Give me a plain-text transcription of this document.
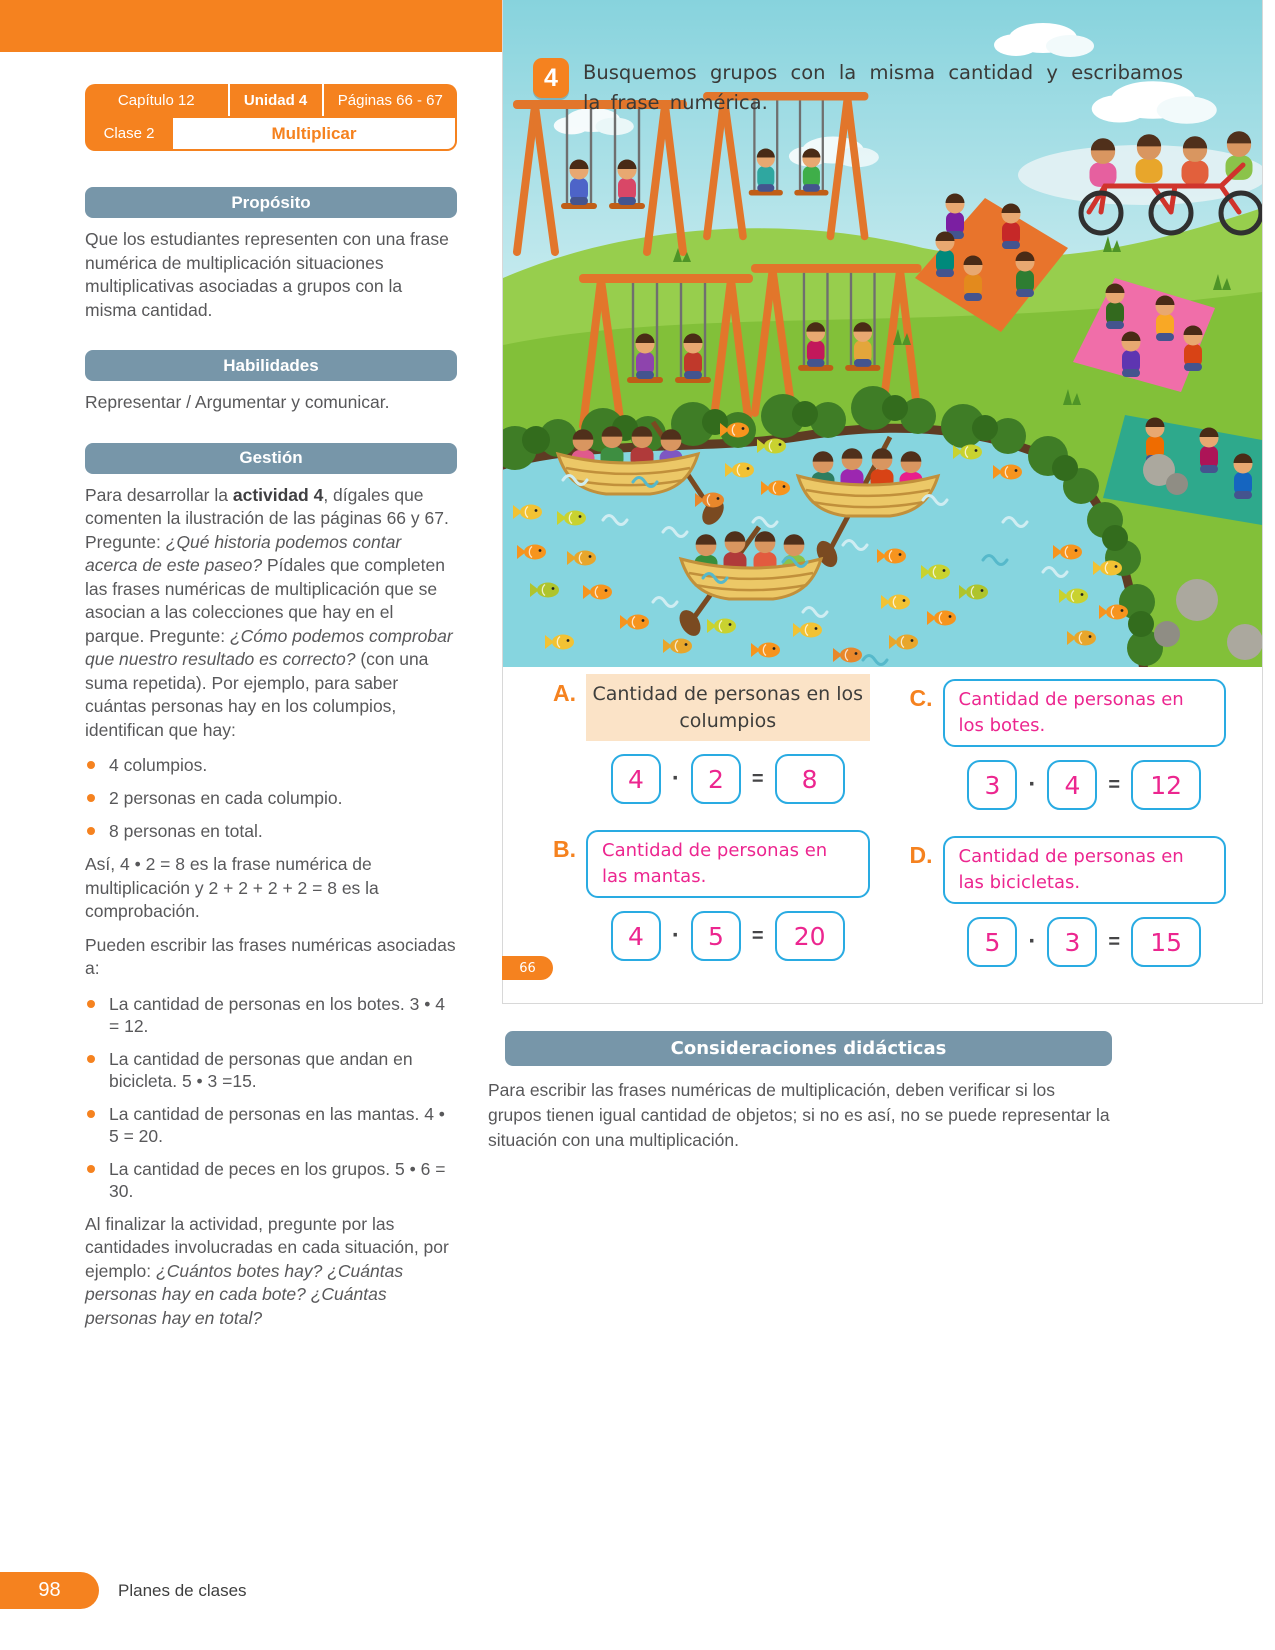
Capítulo 12	Unidad 4	Páginas 66 - 67
Clase 2	Multiplicar
Propósito

Que los estudiantes representen con una frase numérica de multiplicación situaciones multiplicativas asociadas a grupos con la misma cantidad.

Habilidades

Representar / Argumentar y comunicar.

Gestión

Para desarrollar la actividad 4, dígales que comenten la ilustración de las páginas 66 y 67. Pregunte: ¿Qué historia podemos contar acerca de este paseo? Pídales que completen las frases numéricas de multiplicación que se asocian a las colecciones que hay en el parque. Pregunte: ¿Cómo podemos comprobar que nuestro resultado es correcto? (con una suma repetida). Por ejemplo, para saber cuántas personas hay en los columpios, identifican que hay:

4 columpios.
2 personas en cada columpio.
8 personas en total.

Así, 4 • 2 = 8 es la frase numérica de multiplicación y 2 + 2 + 2 + 2 = 8 es la comprobación.

Pueden escribir las frases numéricas asociadas a:

La cantidad de personas en los botes. 3 • 4 = 12.
La cantidad de personas que andan en bicicleta. 5 • 3 =15.
La cantidad de personas en las mantas. 4 • 5 = 20.
La cantidad de peces en los grupos. 5 • 6 = 30.

Al finalizar la actividad, pregunte por las cantidades involucradas en cada situación, por ejemplo: ¿Cuántos botes hay? ¿Cuántas personas hay en cada bote? ¿Cuántas personas hay en total?

4	Busquemos grupos con la misma cantidad y escribamos la frase numérica.
A. Cantidad de personas en los columpios
4	·	2	=	8
B.	Cantidad de personas en las mantas.
4	·	5	=	20
C.	Cantidad de personas en los botes.
3	·	4	=	12
D.	Cantidad de personas en las bicicletas.
5	·	3	=	15
66
Consideraciones didácticas

Para escribir las frases numéricas de multiplicación, deben verificar si los grupos tienen igual cantidad de objetos; si no es así, no se puede representar la situación con una multiplicación.

98	Planes de clases
